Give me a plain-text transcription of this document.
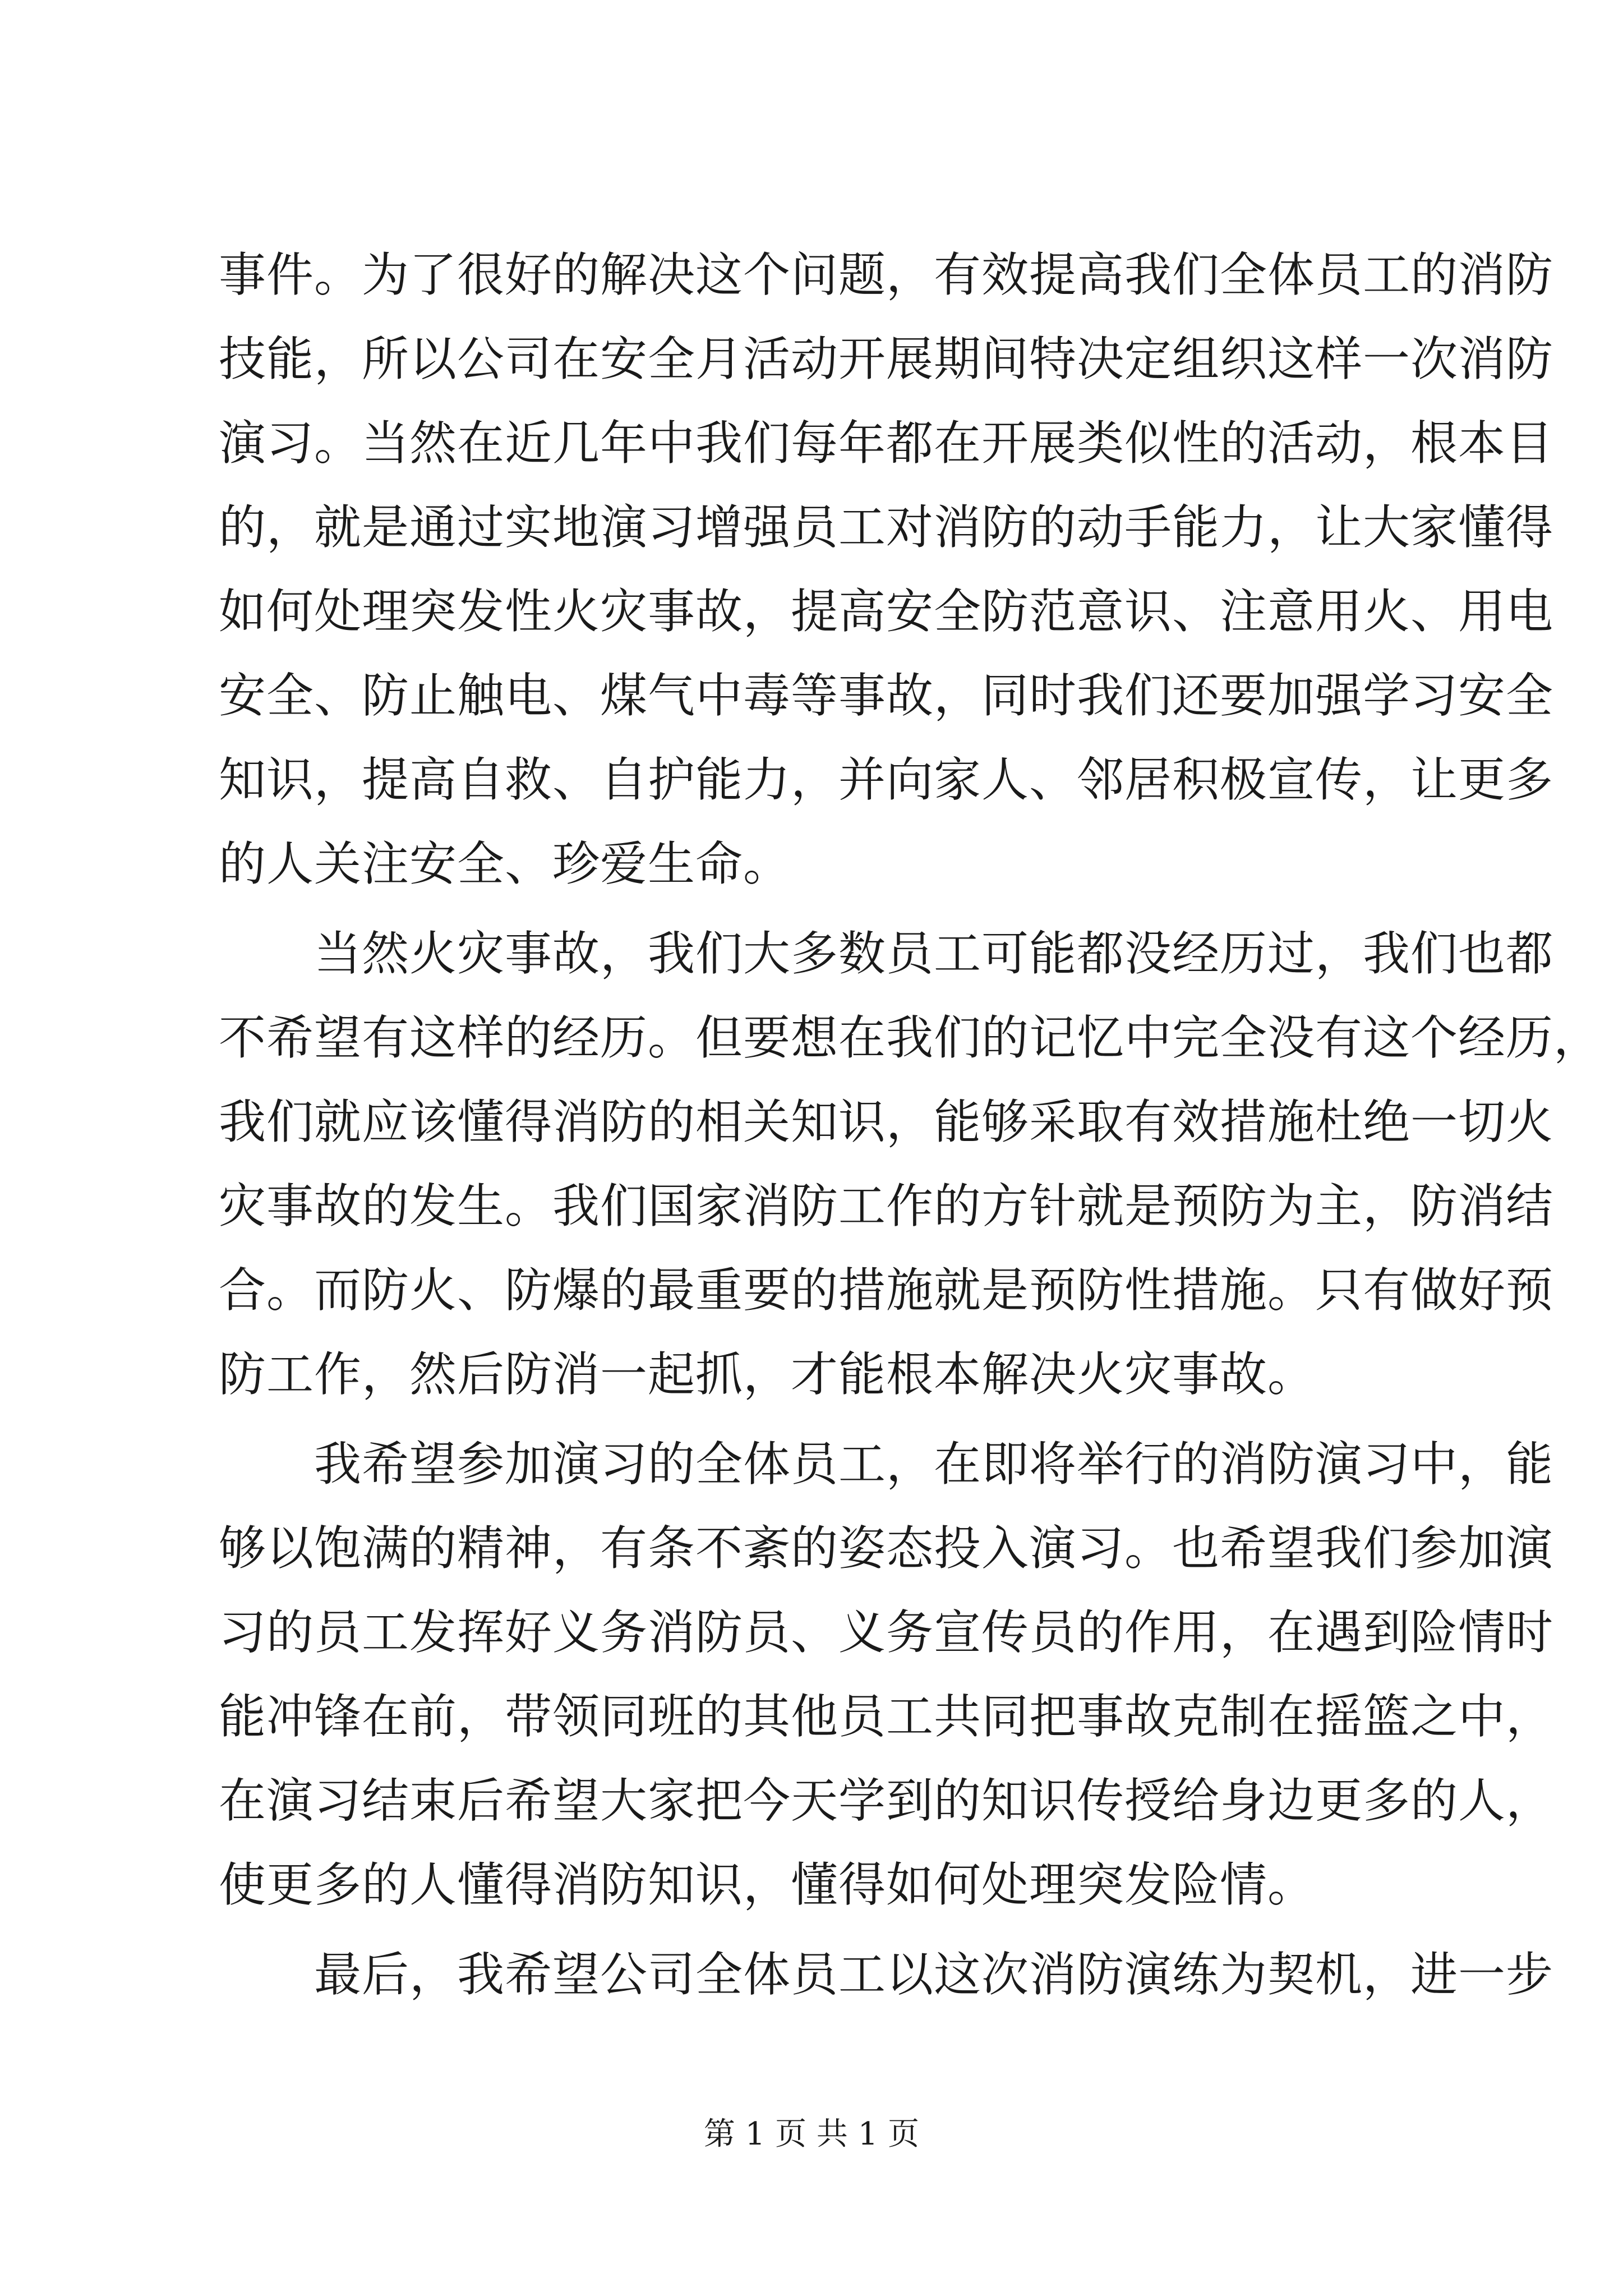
事件。为了很好的解决这个问题，有效提高我们全体员工的消防
技能，所以公司在安全月活动开展期间特决定组织这样一次消防
演习。当然在近几年中我们每年都在开展类似性的活动，根本目
的，就是通过实地演习增强员工对消防的动手能力，让大家懂得
如何处理突发性火灾事故，提高安全防范意识、注意用火、用电
安全、防止触电、煤气中毒等事故，同时我们还要加强学习安全
知识，提高自救、自护能力，并向家人、邻居积极宣传，让更多
的人关注安全、珍爱生命。
当然火灾事故，我们大多数员工可能都没经历过，我们也都
不希望有这样的经历。但要想在我们的记忆中完全没有这个经历，
我们就应该懂得消防的相关知识，能够采取有效措施杜绝一切火
灾事故的发生。我们国家消防工作的方针就是预防为主，防消结
合。而防火、防爆的最重要的措施就是预防性措施。只有做好预
防工作，然后防消一起抓，才能根本解决火灾事故。
我希望参加演习的全体员工，在即将举行的消防演习中，能
够以饱满的精神，有条不紊的姿态投入演习。也希望我们参加演
习的员工发挥好义务消防员、义务宣传员的作用，在遇到险情时
能冲锋在前，带领同班的其他员工共同把事故克制在摇篮之中，
在演习结束后希望大家把今天学到的知识传授给身边更多的人，
使更多的人懂得消防知识，懂得如何处理突发险情。
最后，我希望公司全体员工以这次消防演练为契机，进一步
第 1 页 共 1 页
